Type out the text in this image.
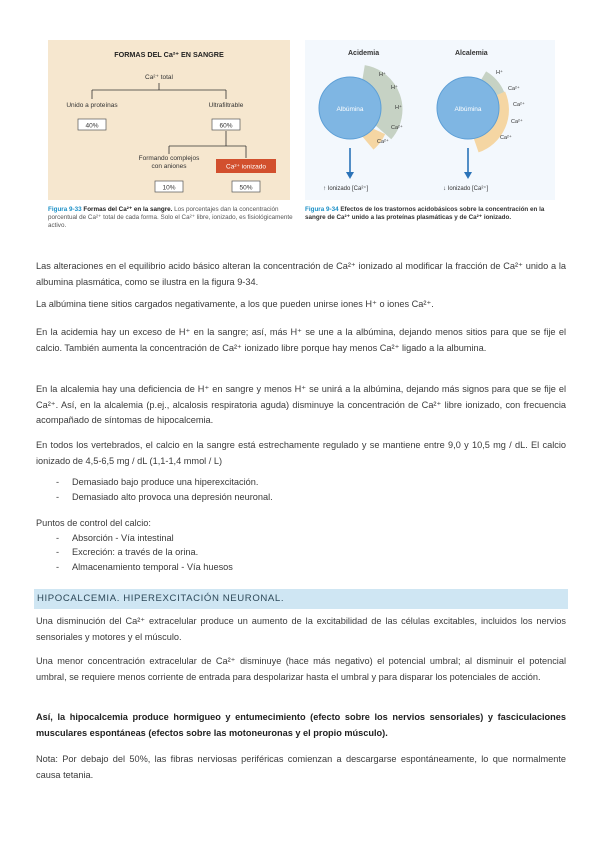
FORMAS DEL Ca²⁺ EN SANGRE
Ca²⁺ total
Unido a proteínas
40%
Ultrafiltrable
60%
Formando complejos
con aniones	Ca²⁺ ionizado
10%	50%
Figura 9-33 Formas del Ca²⁺ en la sangre. Los porcentajes dan la concentración porcentual de Ca²⁺ total de cada forma. Solo el Ca²⁺ libre, ionizado, es fisiológicamente activo.
Acidemia	Alcalemia
Albúmina
H⁺
H⁺
H⁺
Ca²⁺
Ca²⁺
↑ Ionizado [Ca²⁺]
Albúmina
H⁺
Ca²⁺
Ca²⁺
Ca²⁺
Ca²⁺
↓ Ionizado [Ca²⁺]
Figura 9-34 Efectos de los trastornos acidobásicos sobre la concentración en la sangre de Ca²⁺ unido a las proteínas plasmáticas y de Ca²⁺ ionizado.

Las alteraciones en el equilibrio acido básico alteran la concentración de Ca²⁺ ionizado al modificar la fracción de Ca²⁺ unido a la albumina plasmática, como se ilustra en la figura 9-34.

La albúmina tiene sitios cargados negativamente, a los que pueden unirse iones H⁺ o iones Ca²⁺.

En la acidemia hay un exceso de H⁺ en la sangre; así, más H⁺ se une a la albúmina, dejando menos sitios para que se fije el calcio. También aumenta la concentración de Ca²⁺ ionizado libre porque hay menos Ca²⁺ ligado a la albumina.

En la alcalemia hay una deficiencia de H⁺ en sangre y menos H⁺ se unirá a la albúmina, dejando más signos para que se fije el Ca²⁺. Así, en la alcalemia (p.ej., alcalosis respiratoria aguda) disminuye la concentración de Ca²⁺ libre ionizado, con frecuencia acompañado de síntomas de hipocalcemia.

En todos los vertebrados, el calcio en la sangre está estrechamente regulado y se mantiene entre 9,0 y 10,5 mg / dL. El calcio ionizado de 4,5-6,5 mg / dL (1,1-1,4 mmol / L)

- Demasiado bajo produce una hiperexcitación.
- Demasiado alto provoca una depresión neuronal.
Puntos de control del calcio:
- Absorción - Vía intestinal
- Excreción: a través de la orina.
- Almacenamiento temporal - Vía huesos
HIPOCALCEMIA. HIPEREXCITACIÓN NEURONAL.

Una disminución del Ca²⁺ extracelular produce un aumento de la excitabilidad de las células excitables, incluidos los nervios sensoriales y motores y el músculo.

Una menor concentración extracelular de Ca²⁺ disminuye (hace más negativo) el potencial umbral; al disminuir el potencial umbral, se requiere menos corriente de entrada para despolarizar hasta el umbral y para disparar los potenciales de acción.

Así, la hipocalcemia produce hormigueo y entumecimiento (efecto sobre los nervios sensoriales) y fasciculaciones musculares espontáneas (efectos sobre las motoneuronas y el propio músculo).

Nota: Por debajo del 50%, las fibras nerviosas periféricas comienzan a descargarse espontáneamente, lo que normalmente causa tetania.
